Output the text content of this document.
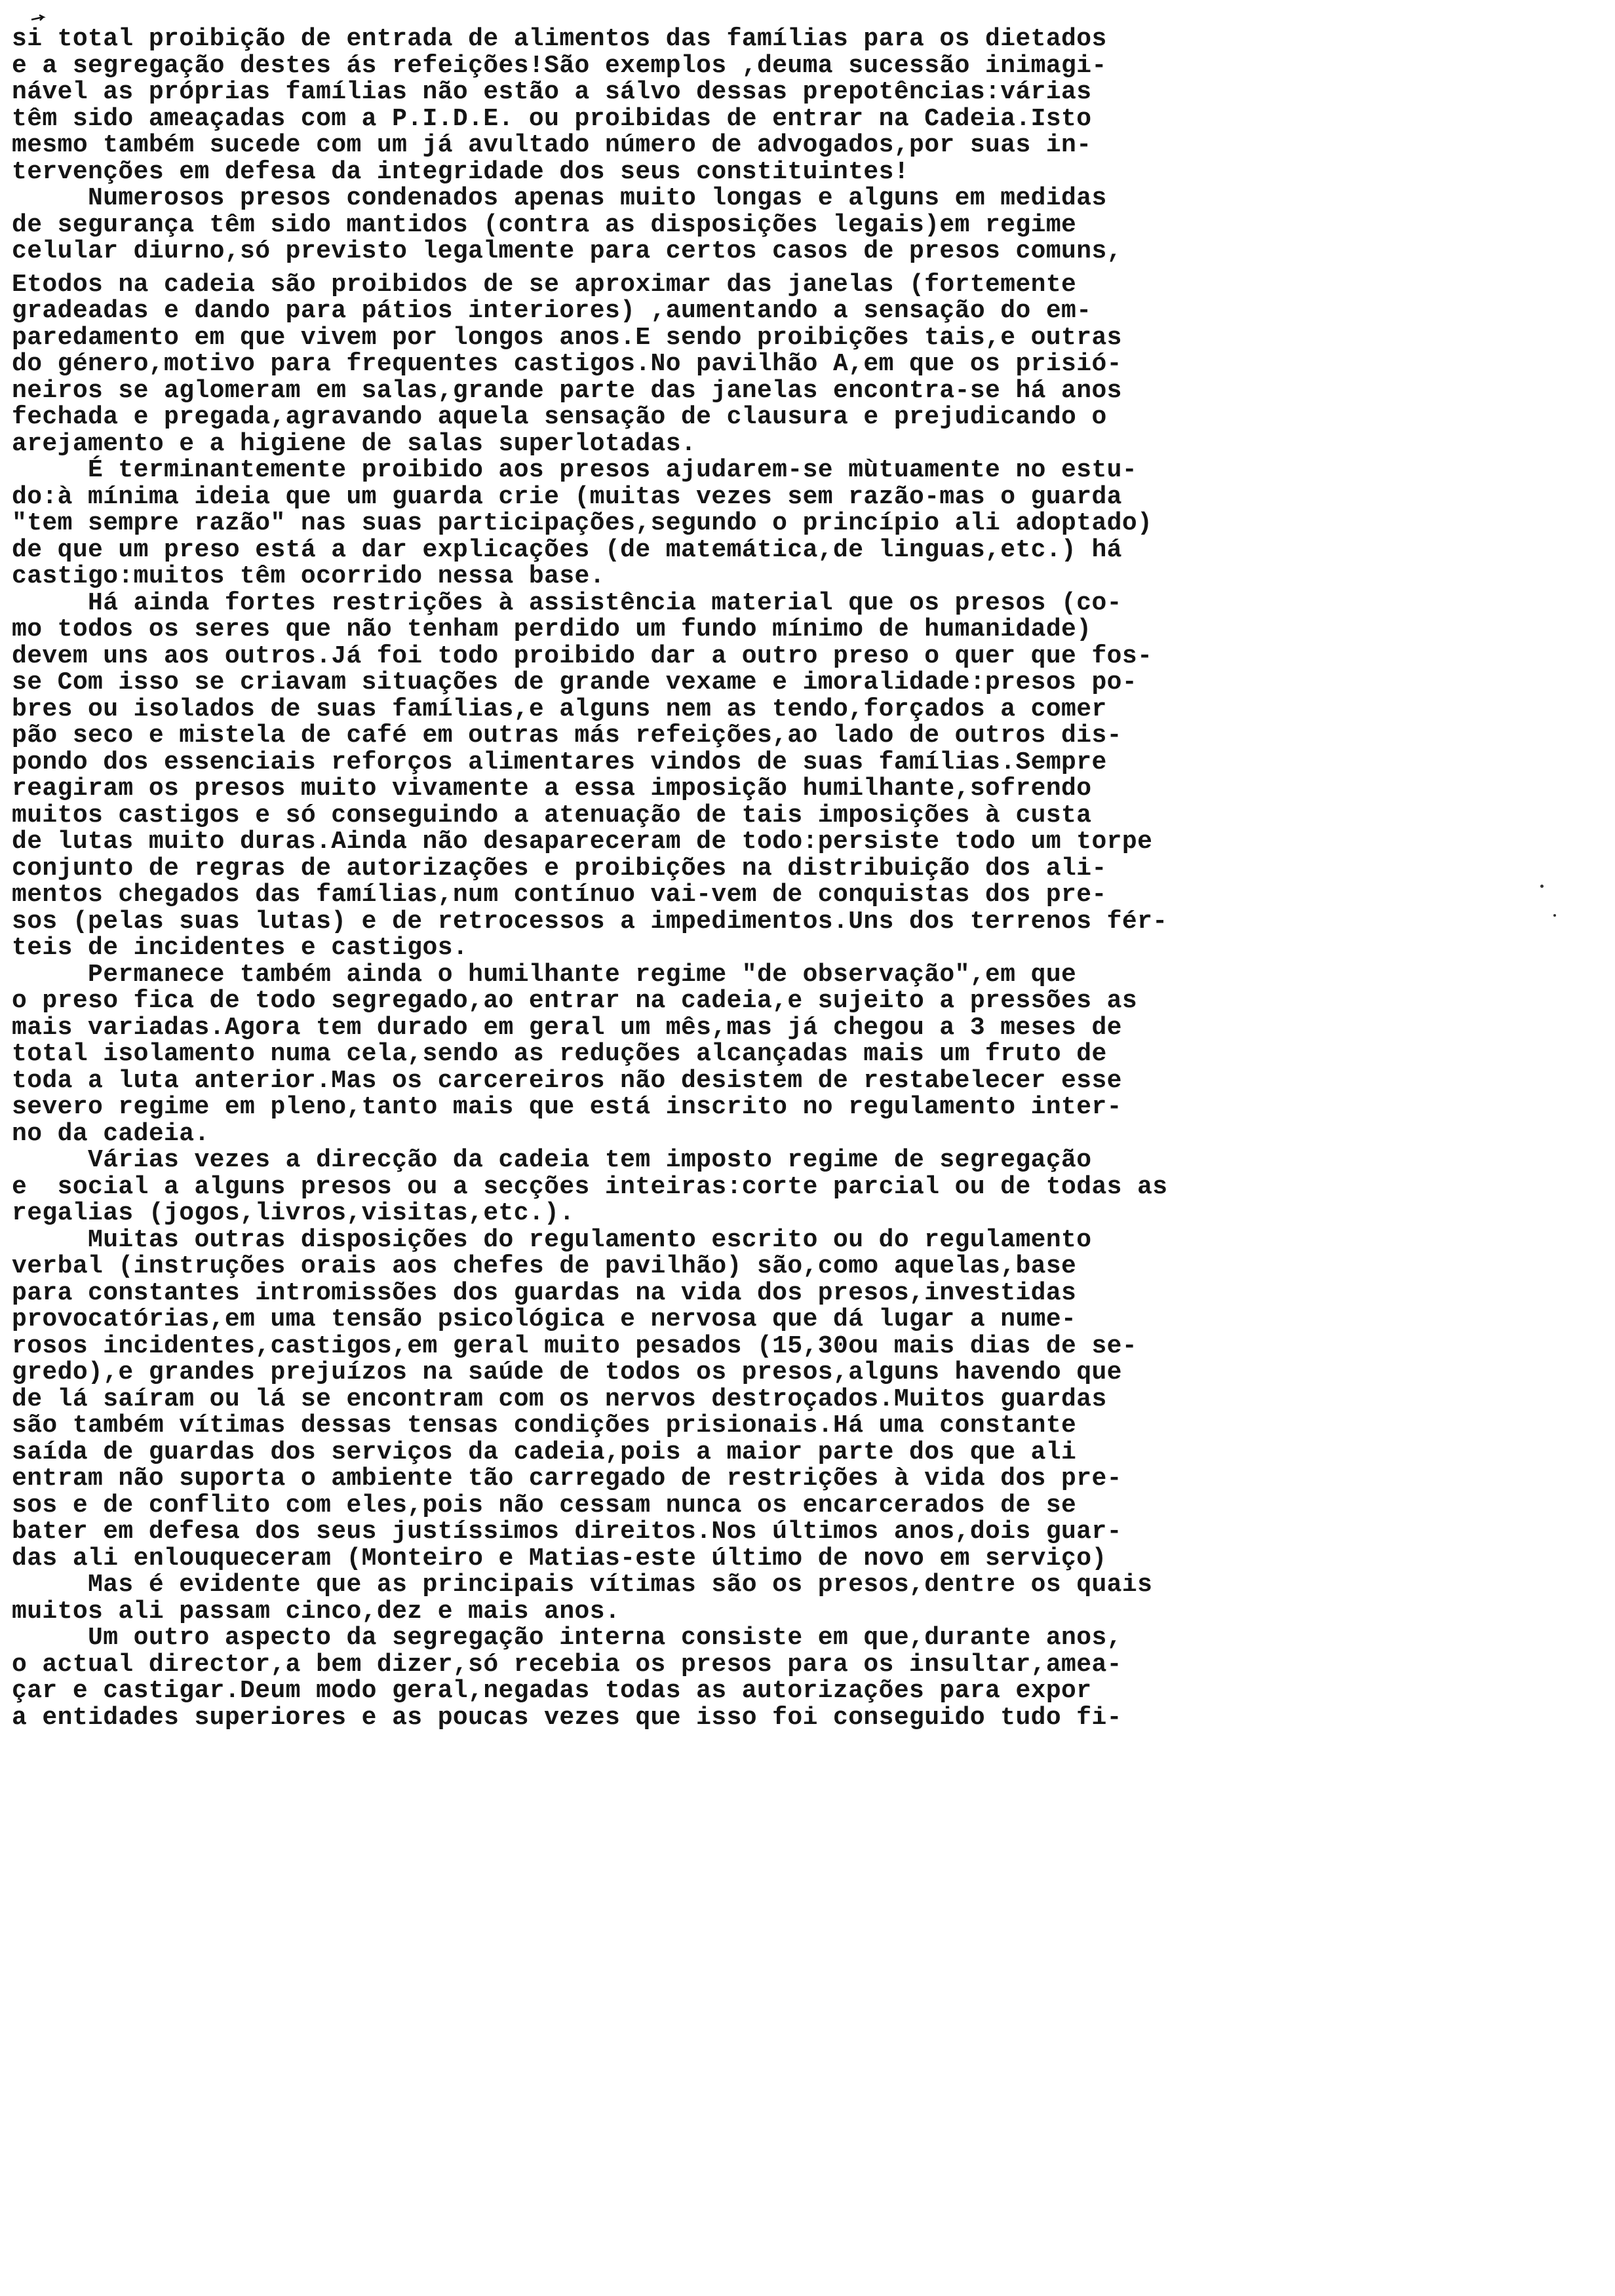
si total proibição de entrada de alimentos das famílias para os dietados
e a segregação destes ás refeições!São exemplos ,deuma sucessão inimagi-
nável as próprias famílias não estão a sálvo dessas prepotências:várias
têm sido ameaçadas com a P.I.D.E. ou proibidas de entrar na Cadeia.Isto
mesmo também sucede com um já avultado número de advogados,por suas in-
tervenções em defesa da integridade dos seus constituintes!
Numerosos presos condenados apenas muito longas e alguns em medidas
de segurança têm sido mantidos (contra as disposições legais)em regime
celular diurno,só previsto legalmente para certos casos de presos comuns,
Etodos na cadeia são proibidos de se aproximar das janelas (fortemente
gradeadas e dando para pátios interiores) ,aumentando a sensação do em-
paredamento em que vivem por longos anos.E sendo proibições tais,e outras
do género,motivo para frequentes castigos.No pavilhão A,em que os prisió-
neiros se aglomeram em salas,grande parte das janelas encontra-se há anos
fechada e pregada,agravando aquela sensação de clausura e prejudicando o
arejamento e a higiene de salas superlotadas.
É terminantemente proibido aos presos ajudarem-se mùtuamente no estu-
do:à mínima ideia que um guarda crie (muitas vezes sem razão-mas o guarda
"tem sempre razão" nas suas participações,segundo o princípio ali adoptado)
de que um preso está a dar explicações (de matemática,de linguas,etc.) há
castigo:muitos têm ocorrido nessa base.
Há ainda fortes restrições à assistência material que os presos (co-
mo todos os seres que não tenham perdido um fundo mínimo de humanidade)
devem uns aos outros.Já foi todo proibido dar a outro preso o quer que fos-
se Com isso se criavam situações de grande vexame e imoralidade:presos po-
bres ou isolados de suas famílias,e alguns nem as tendo,forçados a comer
pão seco e mistela de café em outras más refeições,ao lado de outros dis-
pondo dos essenciais reforços alimentares vindos de suas famílias.Sempre
reagiram os presos muito vivamente a essa imposição humilhante,sofrendo
muitos castigos e só conseguindo a atenuação de tais imposições à custa
de lutas muito duras.Ainda não desapareceram de todo:persiste todo um torpe
conjunto de regras de autorizações e proibições na distribuição dos ali-
mentos chegados das famílias,num contínuo vai-vem de conquistas dos pre-
sos (pelas suas lutas) e de retrocessos a impedimentos.Uns dos terrenos fér-
teis de incidentes e castigos.
Permanece também ainda o humilhante regime "de observação",em que
o preso fica de todo segregado,ao entrar na cadeia,e sujeito a pressões as
mais variadas.Agora tem durado em geral um mês,mas já chegou a 3 meses de
total isolamento numa cela,sendo as reduções alcançadas mais um fruto de
toda a luta anterior.Mas os carcereiros não desistem de restabelecer esse
severo regime em pleno,tanto mais que está inscrito no regulamento inter-
no da cadeia.
Várias vezes a direcção da cadeia tem imposto regime de segregação
e  social a alguns presos ou a secções inteiras:corte parcial ou de todas as
regalias (jogos,livros,visitas,etc.).
Muitas outras disposições do regulamento escrito ou do regulamento
verbal (instruções orais aos chefes de pavilhão) são,como aquelas,base
para constantes intromissões dos guardas na vida dos presos,investidas
provocatórias,em uma tensão psicológica e nervosa que dá lugar a nume-
rosos incidentes,castigos,em geral muito pesados (15,30ou mais dias de se-
gredo),e grandes prejuízos na saúde de todos os presos,alguns havendo que
de lá saíram ou lá se encontram com os nervos destroçados.Muitos guardas
são também vítimas dessas tensas condições prisionais.Há uma constante
saída de guardas dos serviços da cadeia,pois a maior parte dos que ali
entram não suporta o ambiente tão carregado de restrições à vida dos pre-
sos e de conflito com eles,pois não cessam nunca os encarcerados de se
bater em defesa dos seus justíssimos direitos.Nos últimos anos,dois guar-
das ali enlouqueceram (Monteiro e Matias-este último de novo em serviço)
Mas é evidente que as principais vítimas são os presos,dentre os quais
muitos ali passam cinco,dez e mais anos.
Um outro aspecto da segregação interna consiste em que,durante anos,
o actual director,a bem dizer,só recebia os presos para os insultar,amea-
çar e castigar.Deum modo geral,negadas todas as autorizações para expor
a entidades superiores e as poucas vezes que isso foi conseguido tudo fi-
